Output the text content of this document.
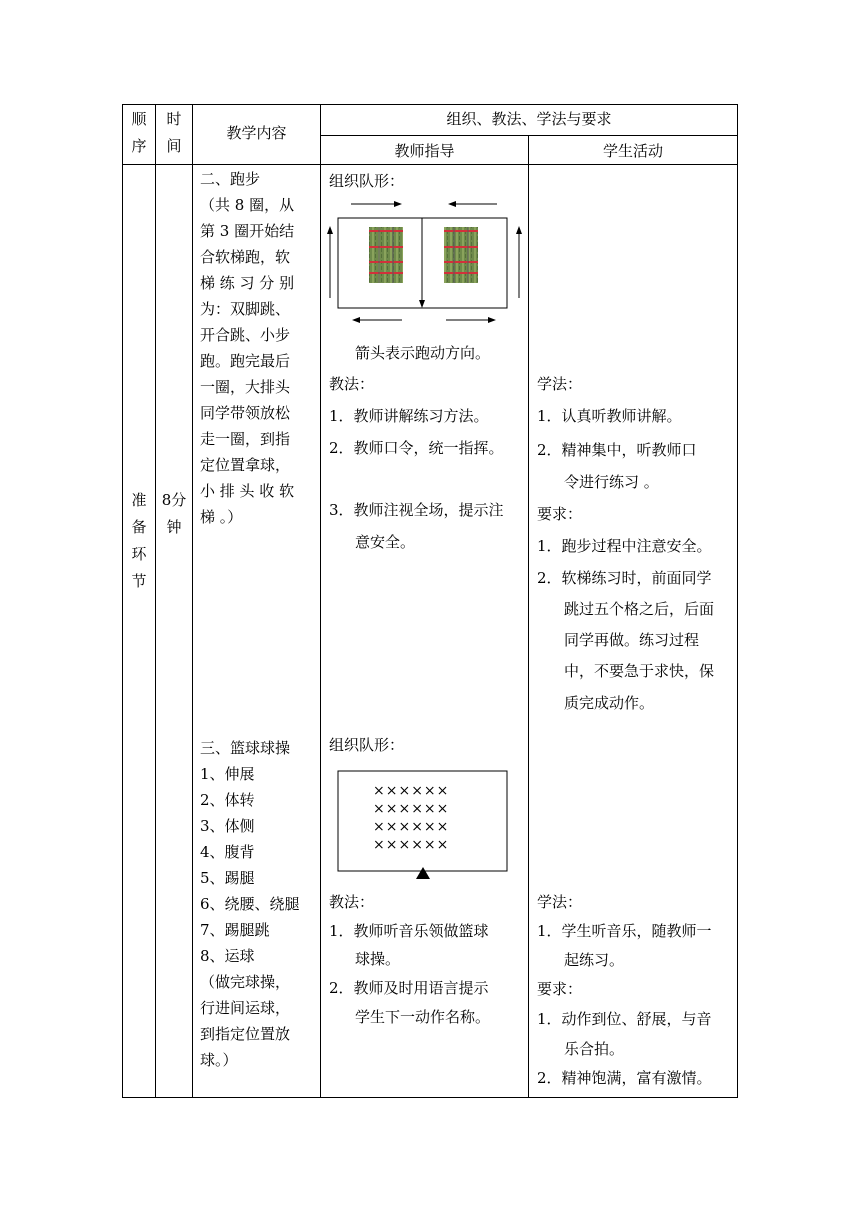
顺序
时间
教学内容
组织、教法、学法与要求
教师指导	学生活动
准备环节
8分钟
二、跑步
（共 8 圈，从
第 3 圈开始结
合软梯跑，软
梯 练 习 分 别
为：双脚跳、
开合跳、小步
跑。跑完最后
一圈，大排头
同学带领放松
走一圈，到指
定位置拿球，
小 排 头 收 软
梯 。）
三、篮球球操
1、伸展
2、体转
3、体侧
4、腹背
5、踢腿
6、绕腰、绕腿
7、踢腿跳
8、运球
（做完球操，
行进间运球，
到指定位置放
球。）
组织队形：
箭头表示跑动方向。
教法：
1．教师讲解练习方法。
2．教师口令，统一指挥。
3．教师注视全场，提示注
意安全。
组织队形：
××××××
××××××
××××××
××××××
教法：
1．教师听音乐领做篮球
球操。
2．教师及时用语言提示
学生下一动作名称。
学法：
1．认真听教师讲解。
2．精神集中，听教师口
令进行练习 。
要求：
1．跑步过程中注意安全。
2．软梯练习时，前面同学
跳过五个格之后，后面
同学再做。练习过程
中，不要急于求快，保
质完成动作。
学法：
1．学生听音乐，随教师一
起练习。
要求：
1．动作到位、舒展，与音
乐合拍。
2．精神饱满，富有激情。
